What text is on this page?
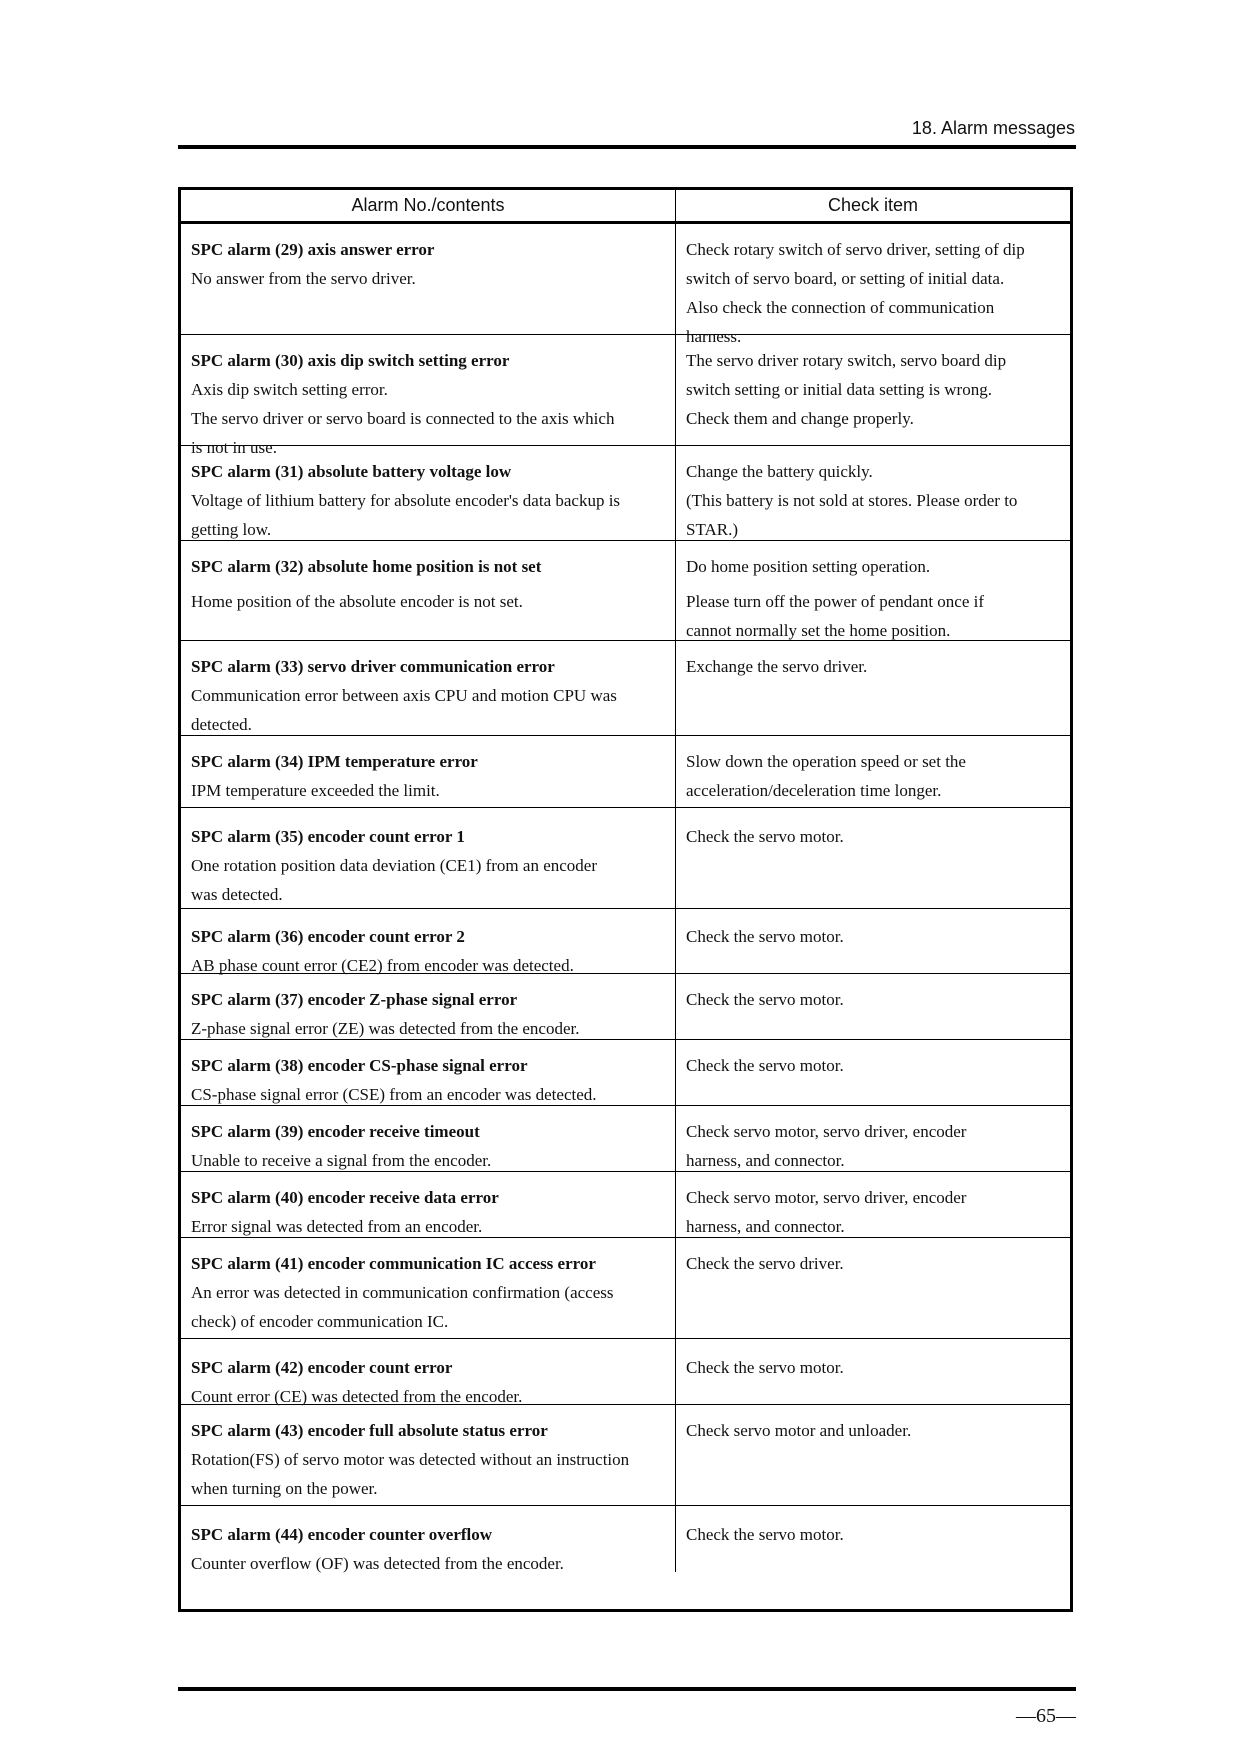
18. Alarm messages
Alarm No./contents	Check item
SPC alarm (29) axis answer error
No answer from the servo driver.
Check rotary switch of servo driver, setting of dip
switch of servo board, or setting of initial data.
Also check the connection of communication
harness.
SPC alarm (30) axis dip switch setting error
Axis dip switch setting error.
The servo driver or servo board is connected to the axis which
is not in use.
The servo driver rotary switch, servo board dip
switch setting or initial data setting is wrong.
Check them and change properly.
SPC alarm (31) absolute battery voltage low
Voltage of lithium battery for absolute encoder's data backup is
getting low.
Change the battery quickly.
(This battery is not sold at stores. Please order to
STAR.)
SPC alarm (32) absolute home position is not set
Home position of the absolute encoder is not set.
Do home position setting operation.
Please turn off the power of pendant once if
cannot normally set the home position.
SPC alarm (33) servo driver communication error
Communication error between axis CPU and motion CPU was
detected.
Exchange the servo driver.
SPC alarm (34) IPM temperature error
IPM temperature exceeded the limit.
Slow down the operation speed or set the
acceleration/deceleration time longer.
SPC alarm (35) encoder count error 1
One rotation position data deviation (CE1) from an encoder
was detected.
Check the servo motor.
SPC alarm (36) encoder count error 2
AB phase count error (CE2) from encoder was detected.
Check the servo motor.
SPC alarm (37) encoder Z-phase signal error
Z-phase signal error (ZE) was detected from the encoder.
Check the servo motor.
SPC alarm (38) encoder CS-phase signal error
CS-phase signal error (CSE) from an encoder was detected.
Check the servo motor.
SPC alarm (39) encoder receive timeout
Unable to receive a signal from the encoder.
Check servo motor, servo driver, encoder
harness, and connector.
SPC alarm (40) encoder receive data error
Error signal was detected from an encoder.
Check servo motor, servo driver, encoder
harness, and connector.
SPC alarm (41) encoder communication IC access error
An error was detected in communication confirmation (access
check) of encoder communication IC.
Check the servo driver.
SPC alarm (42) encoder count error
Count error (CE) was detected from the encoder.
Check the servo motor.
SPC alarm (43) encoder full absolute status error
Rotation(FS) of servo motor was detected without an instruction
when turning on the power.
Check servo motor and unloader.
SPC alarm (44) encoder counter overflow
Counter overflow (OF) was detected from the encoder.
Check the servo motor.
—65—
